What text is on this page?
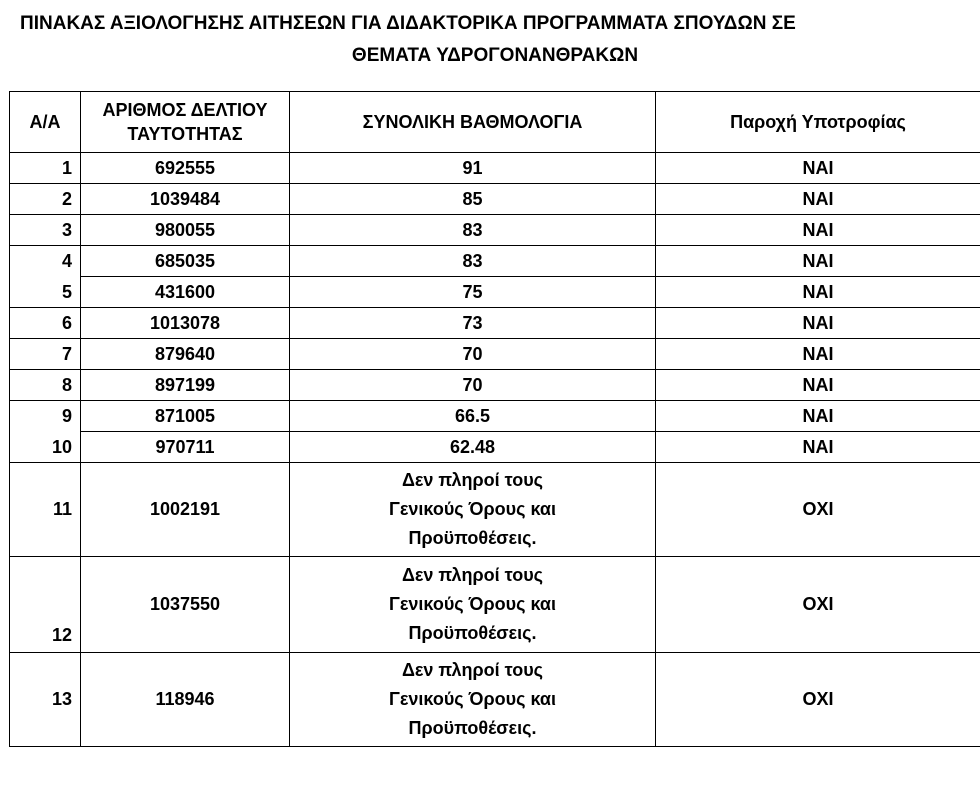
ΠΙΝΑΚΑΣ ΑΞΙΟΛΟΓΗΣΗΣ ΑΙΤΗΣΕΩΝ ΓΙΑ ΔΙΔΑΚΤΟΡΙΚΑ ΠΡΟΓΡΑΜΜΑΤΑ ΣΠΟΥΔΩΝ ΣΕ
ΘΕΜΑΤΑ ΥΔΡΟΓΟΝΑΝΘΡΑΚΩΝ
Α/Α	ΑΡΙΘΜΟΣ ΔΕΛΤΙΟΥ
ΤΑΥΤΟΤΗΤΑΣ	ΣΥΝΟΛΙΚΗ ΒΑΘΜΟΛΟΓΙΑ	Παροχή Υποτροφίας
1	692555	91	ΝΑΙ
2	1039484	85	ΝΑΙ
3	980055	83	ΝΑΙ
4	685035	83	ΝΑΙ
5	431600	75	ΝΑΙ
6	1013078	73	ΝΑΙ
7	879640	70	ΝΑΙ
8	897199	70	ΝΑΙ
9	871005	66.5	ΝΑΙ
10	970711	62.48	ΝΑΙ
11	1002191	Δεν πληροί τους
Γενικούς Όρους και
Προϋποθέσεις.	ΟΧΙ
12	1037550	Δεν πληροί τους
Γενικούς Όρους και
Προϋποθέσεις.	ΟΧΙ
13	118946	Δεν πληροί τους
Γενικούς Όρους και
Προϋποθέσεις.	ΟΧΙ
